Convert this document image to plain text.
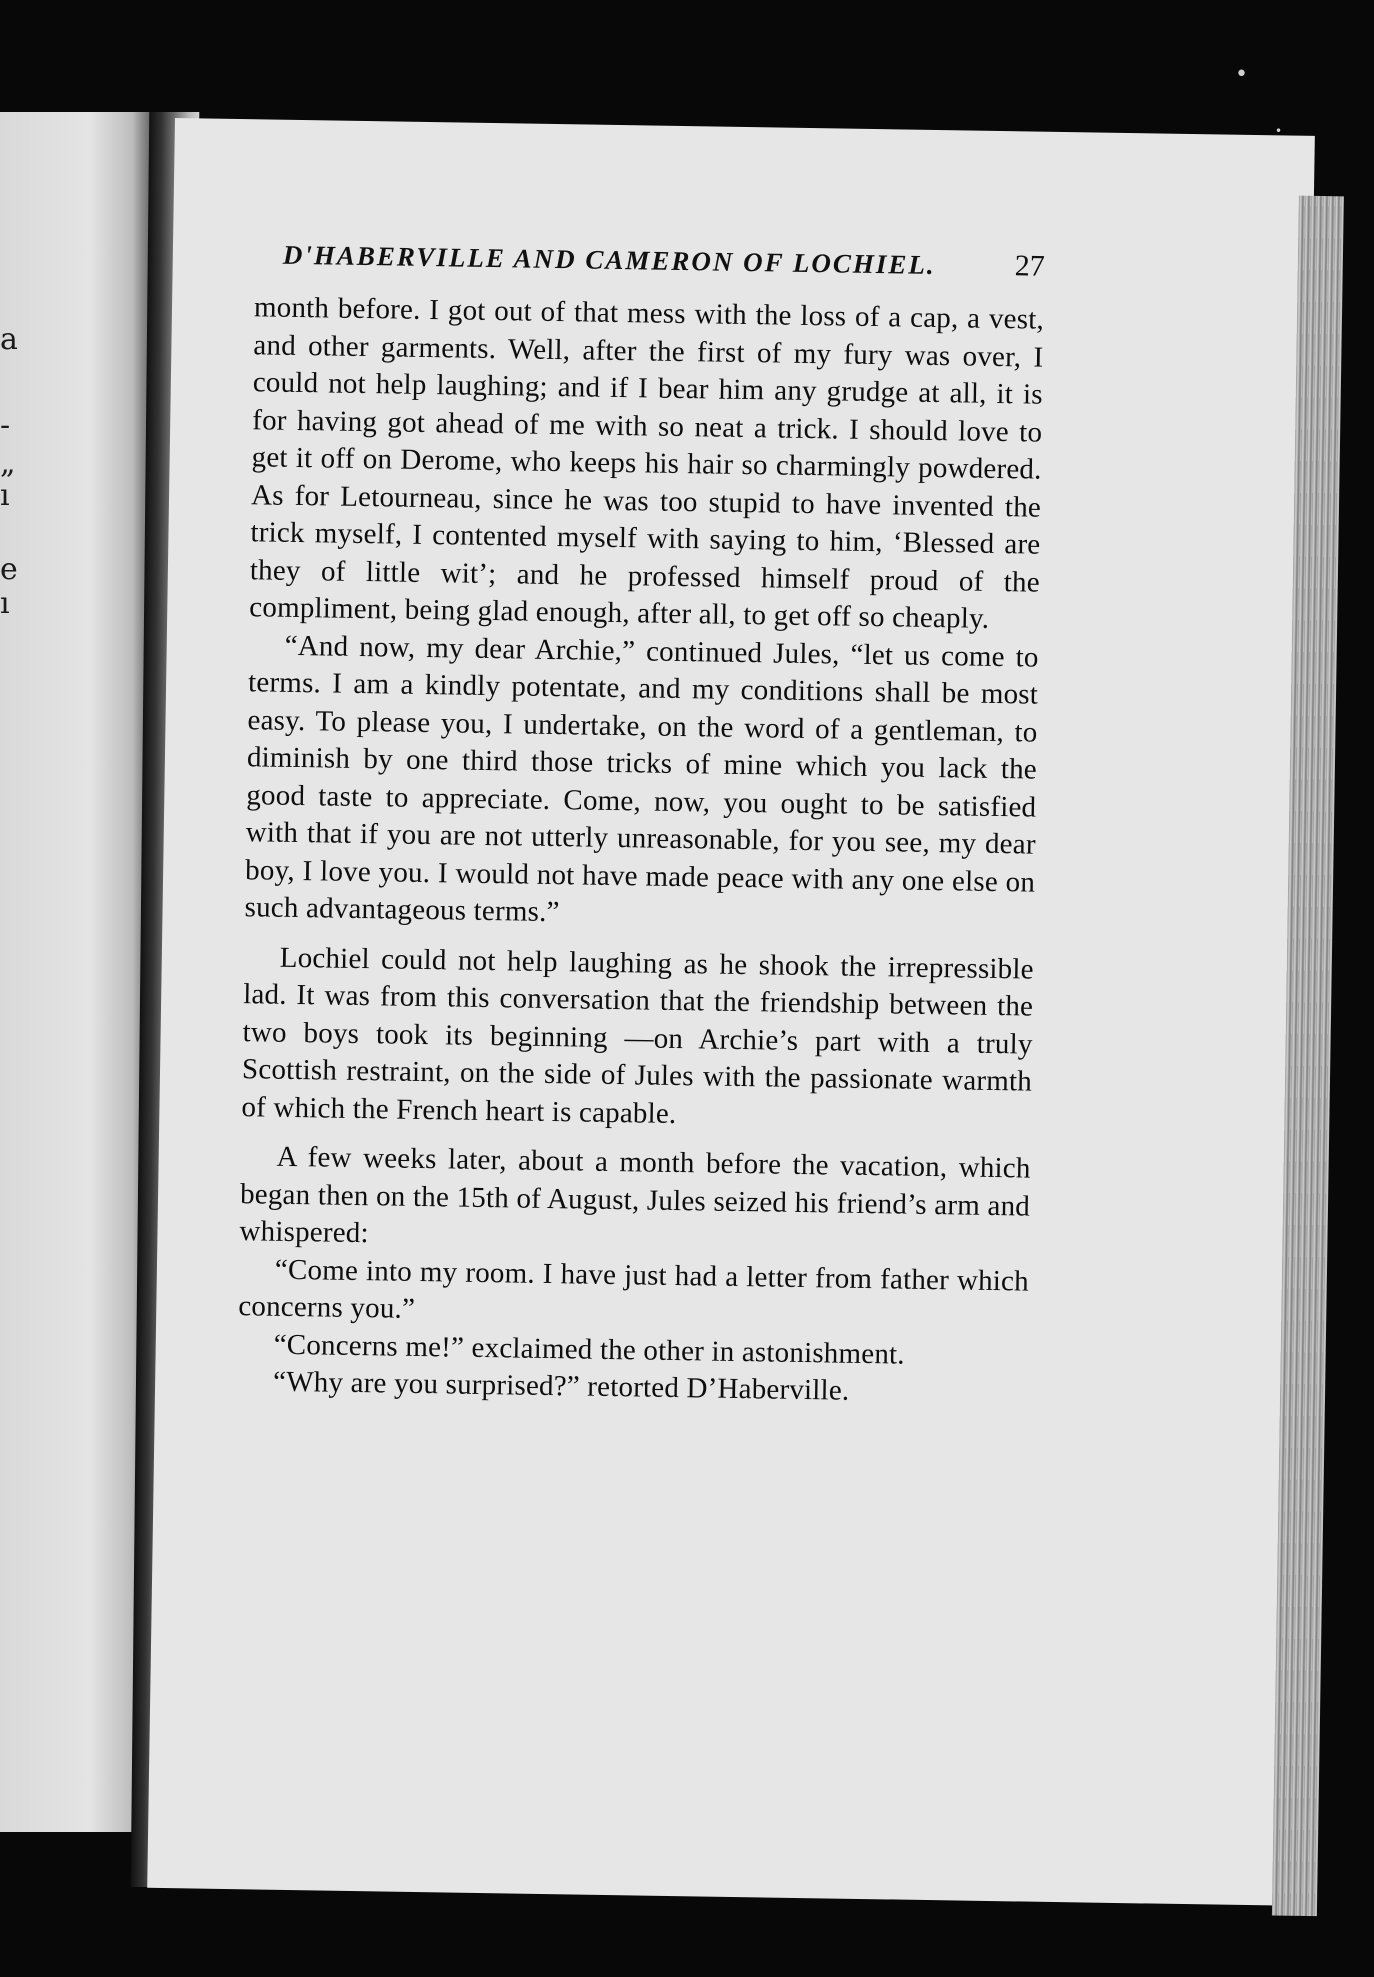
a
-
„
ı
e
ı
D'HABERVILLE AND CAMERON OF LOCHIEL.	27

month before. I got out of that mess with the loss of a cap, a vest, and other garments. Well, after the first of my fury was over, I could not help laughing; and if I bear him any grudge at all, it is for having got ahead of me with so neat a trick. I should love to get it off on Derome, who keeps his hair so charmingly powdered. As for Letourneau, since he was too stupid to have invented the trick myself, I contented myself with saying to him, ‘Blessed are they of little wit’; and he professed himself proud of the compliment, being glad enough, after all, to get off so cheaply.

“And now, my dear Archie,” continued Jules, “let us come to terms. I am a kindly potentate, and my conditions shall be most easy. To please you, I undertake, on the word of a gentleman, to diminish by one third those tricks of mine which you lack the good taste to appreciate. Come, now, you ought to be satisfied with that if you are not utterly unreasonable, for you see, my dear boy, I love you. I would not have made peace with any one else on such advantageous terms.”

Lochiel could not help laughing as he shook the irrepressible lad. It was from this conversation that the friendship between the two boys took its beginning —on Archie’s part with a truly Scottish restraint, on the side of Jules with the passionate warmth of which the French heart is capable.

A few weeks later, about a month before the vacation, which began then on the 15th of August, Jules seized his friend’s arm and whispered:

“Come into my room. I have just had a letter from father which concerns you.”

“Concerns me!” exclaimed the other in astonishment.

“Why are you surprised?” retorted D’Haberville.

•
•
